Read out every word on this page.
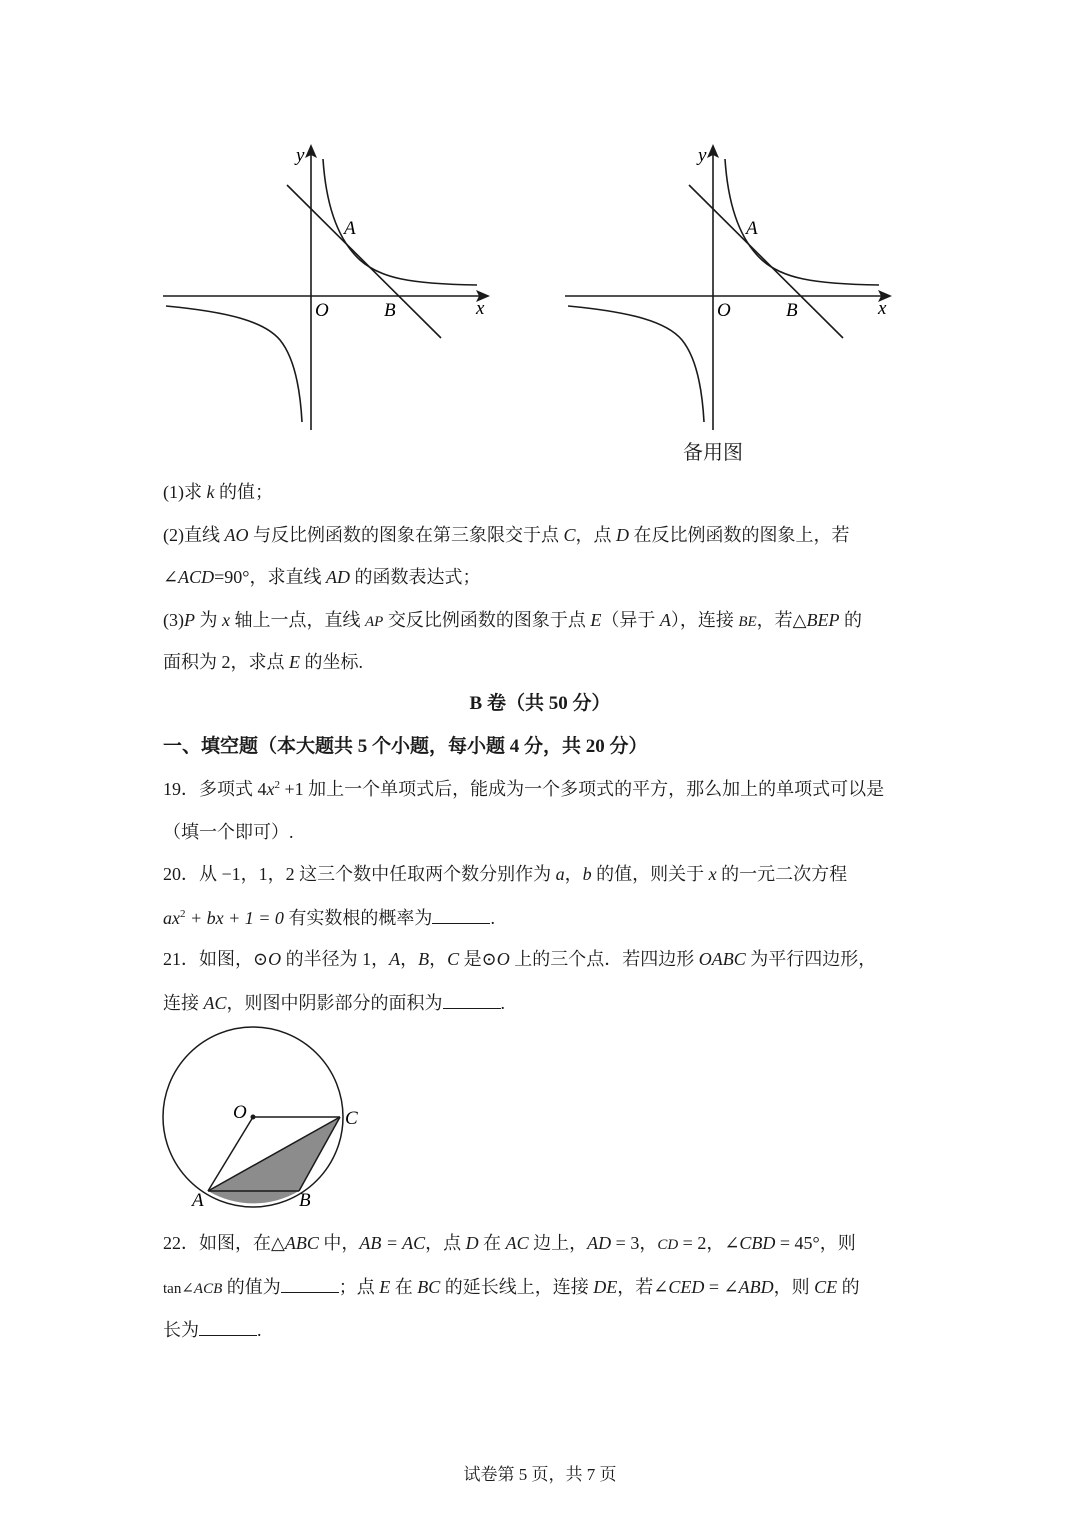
y
x
O
A
B
y
x
O
A
B
备用图
(1)求 k 的值；
(2)直线 AO 与反比例函数的图象在第三象限交于点 C，点 D 在反比例函数的图象上，若
∠ACD=90°，求直线 AD 的函数表达式；
(3)P 为 x 轴上一点，直线 AP 交反比例函数的图象于点 E（异于 A），连接 BE，若△BEP 的
面积为 2，求点 E 的坐标.
B 卷（共 50 分）
一、填空题（本大题共 5 个小题，每小题 4 分，共 20 分）
19．多项式 $4x^2 +1$ 加上一个单项式后，能成为一个多项式的平方，那么加上的单项式可以是
（填一个即可）.
20．从 −1，1，2 这三个数中任取两个数分别作为 a，b 的值，则关于 x 的一元二次方程
$ax^2$ + bx + 1 = 0 有实数根的概率为	.
21．如图，⊙O 的半径为 1，A，B，C 是⊙O 上的三个点．若四边形 OABC 为平行四边形，
连接 AC，则图中阴影部分的面积为	.
O	C
A	B
22．如图，在△ABC 中，AB = AC，点 D 在 AC 边上，AD = 3，CD = 2，∠CBD = 45°，则
tan∠ACB 的值为	；点 E 在 BC 的延长线上，连接 DE，若∠CED = ∠ABD，则 CE 的
长为	.
试卷第 5 页，共 7 页
